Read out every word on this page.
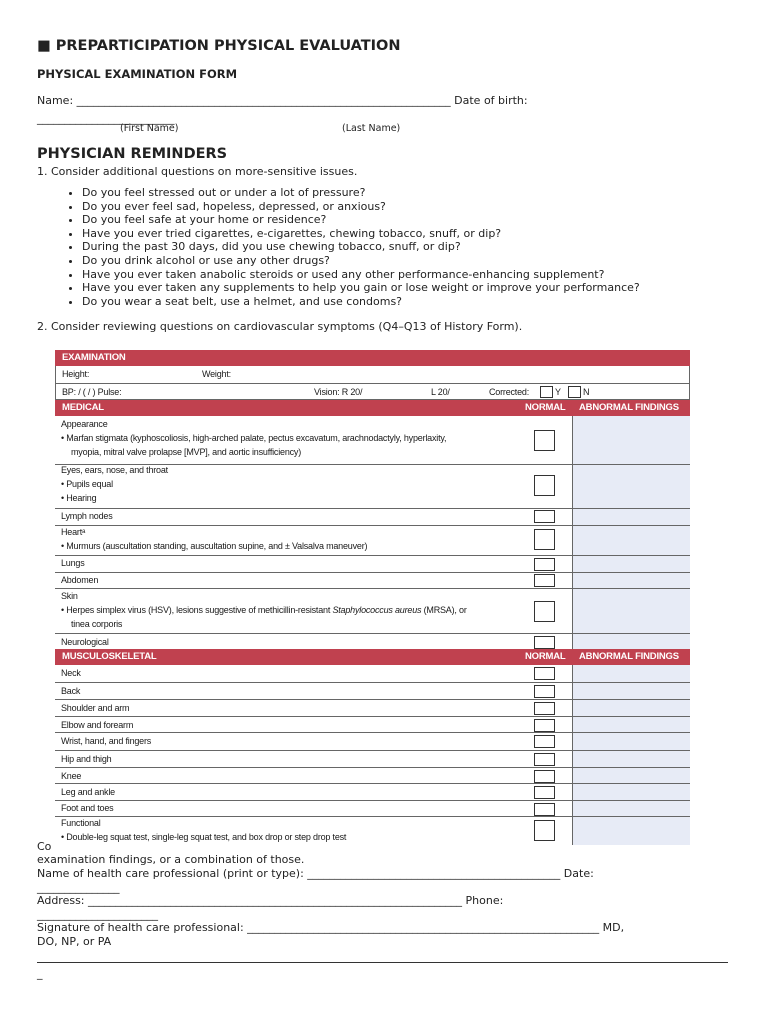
■ PREPARTICIPATION PHYSICAL EVALUATION
PHYSICAL EXAMINATION FORM
Name: ____________________________________________________________________ Date of birth:
_________________________
(First Name)	(Last Name)
PHYSICIAN REMINDERS
1. Consider additional questions on more-sensitive issues.
• Do you feel stressed out or under a lot of pressure?
• Do you ever feel sad, hopeless, depressed, or anxious?
• Do you feel safe at your home or residence?
• Have you ever tried cigarettes, e-cigarettes, chewing tobacco, snuff, or dip?
• During the past 30 days, did you use chewing tobacco, snuff, or dip?
• Do you drink alcohol or use any other drugs?
• Have you ever taken anabolic steroids or used any other performance-enhancing supplement?
• Have you ever taken any supplements to help you gain or lose weight or improve your performance?
• Do you wear a seat belt, use a helmet, and use condoms?
2. Consider reviewing questions on cardiovascular symptoms (Q4–Q13 of History Form).
EXAMINATION
Height:	Weight:
BP: / ( / ) Pulse:	Vision: R 20/	L 20/	Corrected:	Y N
MEDICAL	NORMAL ABNORMAL FINDINGS
Appearance
• Marfan stigmata (kyphoscoliosis, high-arched palate, pectus excavatum, arachnodactyly, hyperlaxity,
myopia, mitral valve prolapse [MVP], and aortic insufficiency)
Eyes, ears, nose, and throat
• Pupils equal
• Hearing
Lymph nodes
Heartᵃ
• Murmurs (auscultation standing, auscultation supine, and ± Valsalva maneuver)
Lungs
Abdomen
Skin
• Herpes simplex virus (HSV), lesions suggestive of methicillin-resistant Staphylococcus aureus (MRSA), or
tinea corporis
Neurological
MUSCULOSKELETAL	NORMAL ABNORMAL FINDINGS
Neck
Back
Shoulder and arm
Elbow and forearm
Wrist, hand, and fingers
Hip and thigh
Knee
Leg and ankle
Foot and toes
Functional
• Double-leg squat test, single-leg squat test, and box drop or step drop test
Co
examination findings, or a combination of those.
Name of health care professional (print or type): ______________________________________________ Date:
_______________
Address: ____________________________________________________________________ Phone:
______________________
Signature of health care professional: ________________________________________________________________ MD,
DO, NP, or PA
_
